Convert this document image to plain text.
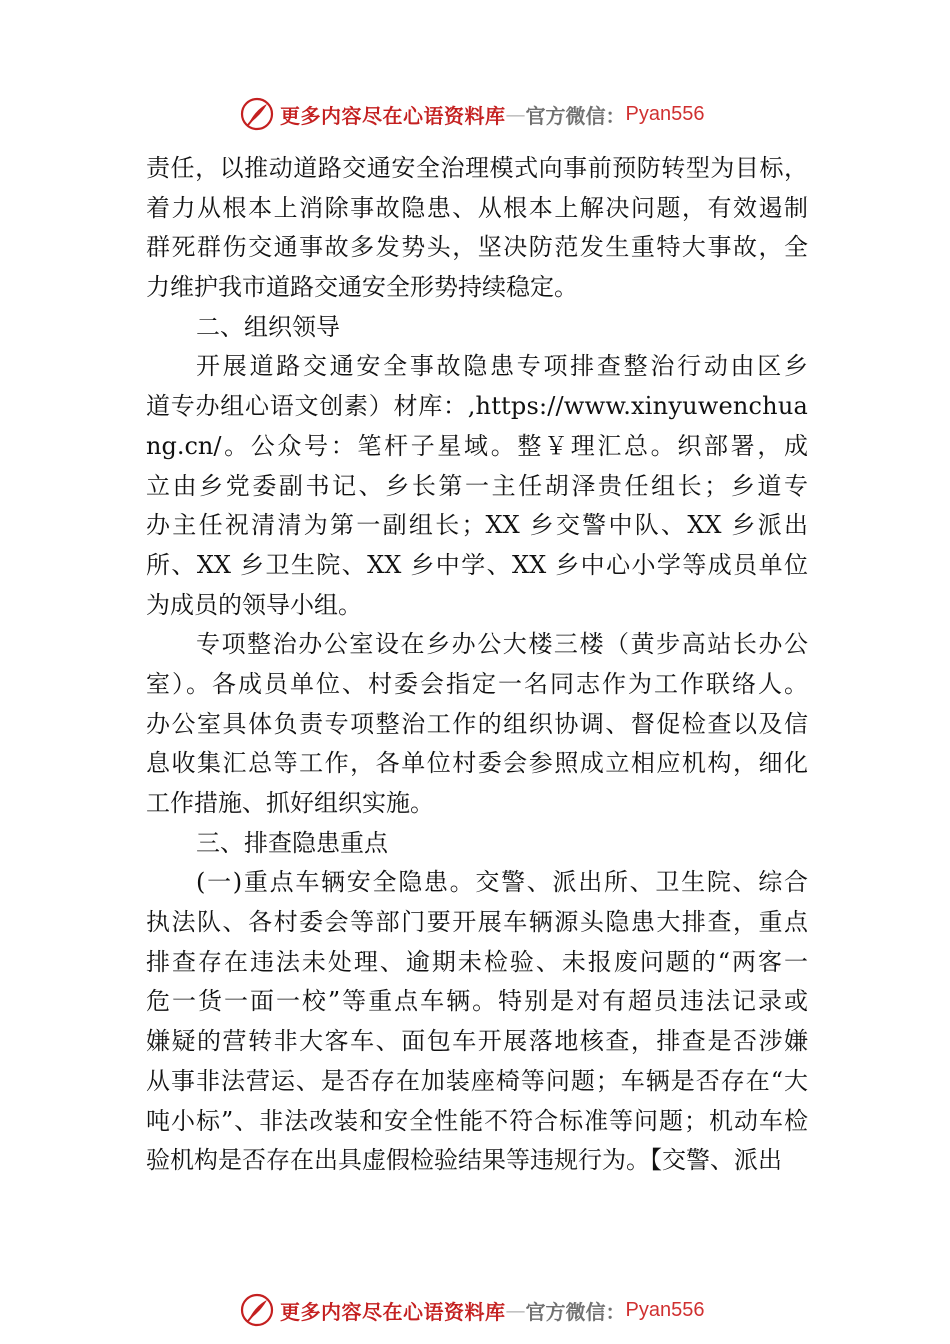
更多内容尽在心语资料库 — 官方微信： Pyan556
责任，以推动道路交通安全治理模式向事前预防转型为目标，
着力从根本上消除事故隐患、从根本上解决问题，有效遏制
群死群伤交通事故多发势头，坚决防范发生重特大事故，全
力维护我市道路交通安全形势持续稳定。
二、组织领导
开展道路交通安全事故隐患专项排查整治行动由区乡
道专办组心语文创素）材库：,https://www.xinyuwenchua
ng.cn/。公众号：笔杆子星域。整￥理汇总。织部署，成
立由乡党委副书记、乡长第一主任胡泽贵任组长；乡道专
办主任祝清清为第一副组长；XX 乡交警中队、XX 乡派出
所、XX 乡卫生院、XX 乡中学、XX 乡中心小学等成员单位
为成员的领导小组。
专项整治办公室设在乡办公大楼三楼（黄步高站长办公
室）。各成员单位、村委会指定一名同志作为工作联络人。
办公室具体负责专项整治工作的组织协调、督促检查以及信
息收集汇总等工作，各单位村委会参照成立相应机构，细化
工作措施、抓好组织实施。
三、排查隐患重点
(一)重点车辆安全隐患。交警、派出所、卫生院、综合
执法队、各村委会等部门要开展车辆源头隐患大排查，重点
排查存在违法未处理、逾期未检验、未报废问题的“两客一
危一货一面一校”等重点车辆。特别是对有超员违法记录或
嫌疑的营转非大客车、面包车开展落地核查，排查是否涉嫌
从事非法营运、是否存在加装座椅等问题；车辆是否存在“大
吨小标”、非法改装和安全性能不符合标准等问题；机动车检
验机构是否存在出具虚假检验结果等违规行为。【交警、派出
更多内容尽在心语资料库 — 官方微信： Pyan556
